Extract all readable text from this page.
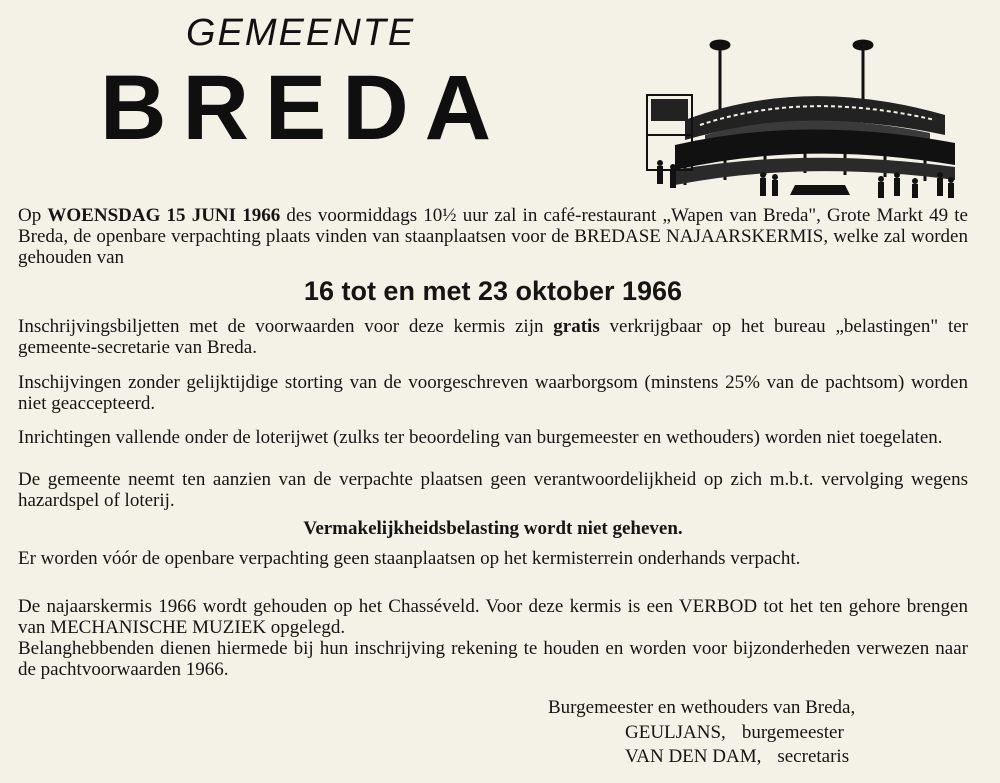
GEMEENTE
BREDA
Op WOENSDAG 15 JUNI 1966 des voormiddags 10½ uur zal in café-restaurant „Wapen van Breda", Grote Markt 49 te Breda, de openbare verpachting plaats vinden van staanplaatsen voor de BREDASE NAJAARSKERMIS, welke zal worden gehouden van
16 tot en met 23 oktober 1966
Inschrijvingsbiljetten met de voorwaarden voor deze kermis zijn gratis verkrijgbaar op het bureau „belastingen" ter gemeente-secretarie van Breda.
Inschijvingen zonder gelijktijdige storting van de voorgeschreven waarborgsom (minstens 25% van de pachtsom) worden niet geaccepteerd.
Inrichtingen vallende onder de loterijwet (zulks ter beoordeling van burgemeester en wethouders) worden niet toegelaten.
De gemeente neemt ten aanzien van de verpachte plaatsen geen verantwoordelijkheid op zich m.b.t. vervolging wegens hazardspel of loterij.
Vermakelijkheidsbelasting wordt niet geheven.
Er worden vóór de openbare verpachting geen staanplaatsen op het kermisterrein onderhands verpacht.
De najaarskermis 1966 wordt gehouden op het Chasséveld. Voor deze kermis is een VERBOD tot het ten gehore brengen van MECHANISCHE MUZIEK opgelegd.
Belanghebbenden dienen hiermede bij hun inschrijving rekening te houden en worden voor bijzonderheden verwezen naar de pachtvoorwaarden 1966.
Burgemeester en wethouders van Breda,
GEULJANS, burgemeester
VAN DEN DAM, secretaris
